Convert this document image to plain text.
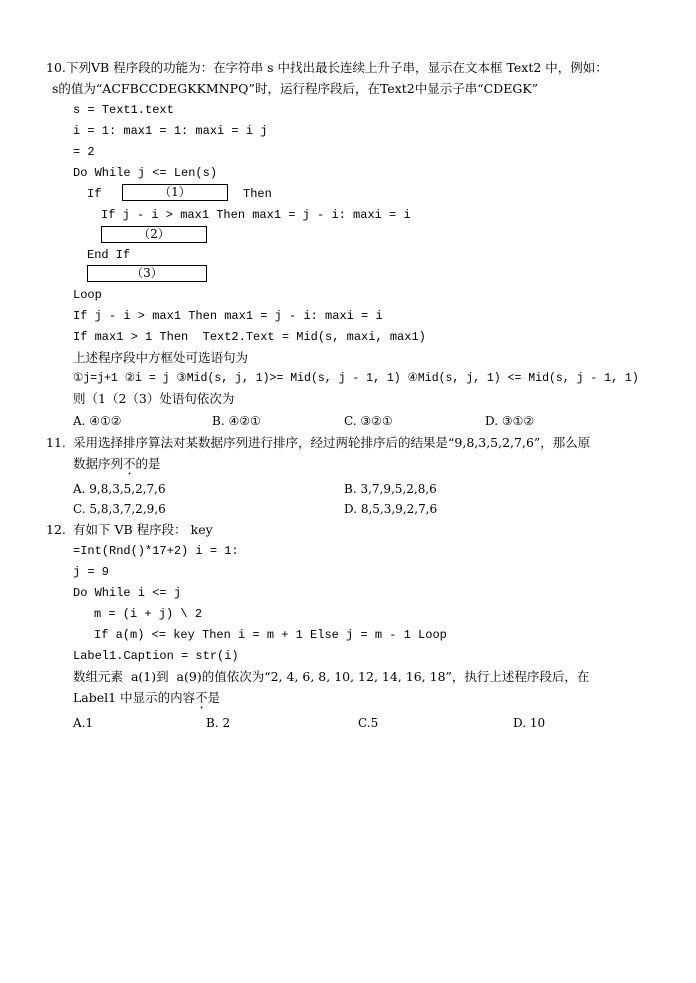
10. 下列VB 程序段的功能为：在字符串 s 中找出最长连续上升子串，显示在文本框 Text2 中，例如：
s的值为“ACFBCCDEGKKMNPQ”时，运行程序段后，在Text2中显示子串“CDEGK”
s = Text1.text
i = 1: max1 = 1: maxi = i j
= 2
Do While j <= Len(s)
If	（1）	Then
If j - i > max1 Then max1 = j - i: maxi = i
（2）
End If
（3）
Loop
If j - i > max1 Then max1 = j - i: maxi = i
If max1 > 1 Then  Text2.Text = Mid(s, maxi, max1)
上述程序段中方框处可选语句为
①j=j+1 ②i = j ③Mid(s, j, 1)>= Mid(s, j - 1, 1) ④Mid(s, j, 1) <= Mid(s, j - 1, 1)
则（1（2（3）处语句依次为
A. ④①②	B. ④②①	C. ③②①	D. ③①②
11. 采用选择排序算法对某数据序列进行排序，经过两轮排序后的结果是“9,8,3,5,2,7,6”，那么原
数据序列不的是
A. 9,8,3,5,2,7,6	B. 3,7,9,5,2,8,6
C. 5,8,3,7,2,9,6	D. 8,5,3,9,2,7,6
12. 有如下 VB 程序段： key
=Int(Rnd()*17+2) i = 1:
j = 9
Do While i <= j
m = (i + j) \ 2
If a(m) <= key Then i = m + 1 Else j = m - 1 Loop
Label1.Caption = str(i)
数组元素  a(1)到  a(9)的值依次为“2, 4, 6, 8, 10, 12, 14, 16, 18”，执行上述程序段后，在
Label1 中显示的内容不是
A.1	B. 2	C.5	D. 10
